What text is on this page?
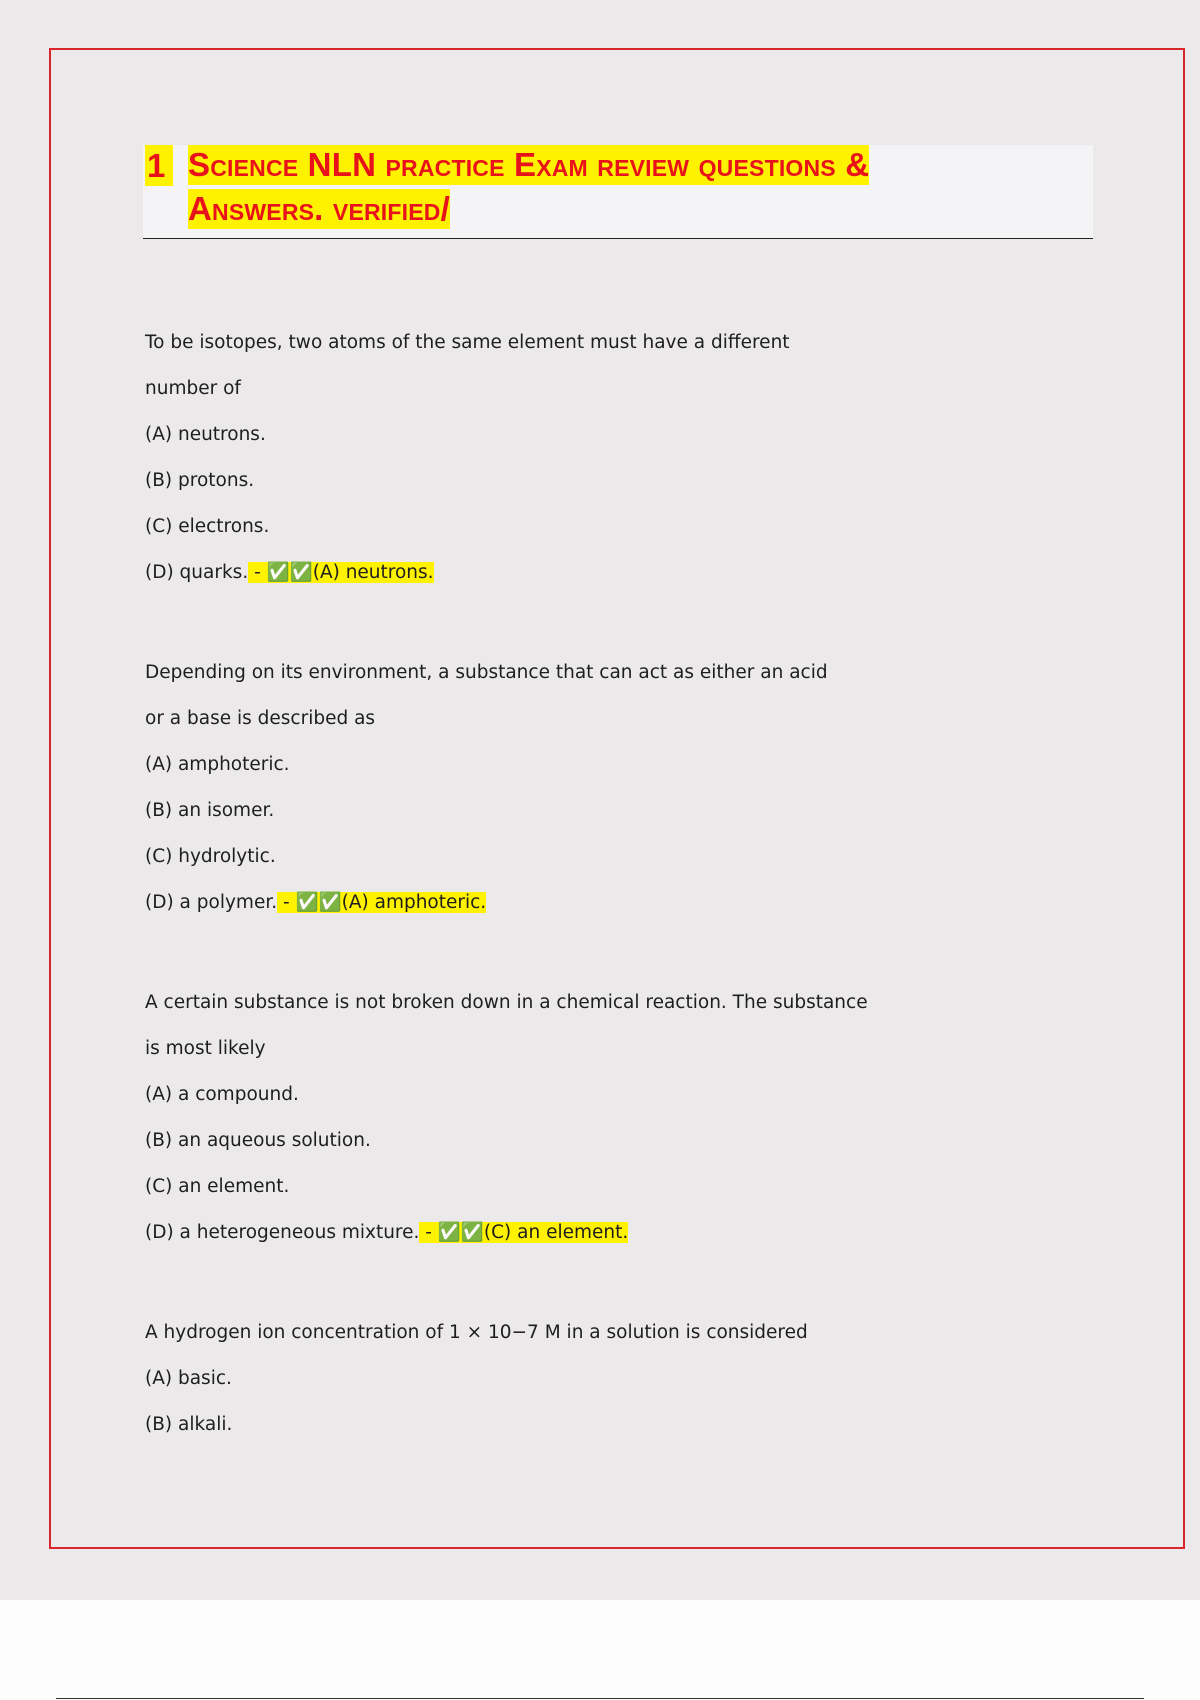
1 Science NLN practice Exam review questions &
Answers. verified/
To be isotopes, two atoms of the same element must have a different
number of
(A) neutrons.
(B) protons.
(C) electrons.
(D) quarks. - ✅✅(A) neutrons.
Depending on its environment, a substance that can act as either an acid
or a base is described as
(A) amphoteric.
(B) an isomer.
(C) hydrolytic.
(D) a polymer. - ✅✅(A) amphoteric.
A certain substance is not broken down in a chemical reaction. The substance
is most likely
(A) a compound.
(B) an aqueous solution.
(C) an element.
(D) a heterogeneous mixture. - ✅✅(C) an element.
A hydrogen ion concentration of 1 × 10−7 M in a solution is considered
(A) basic.
(B) alkali.
